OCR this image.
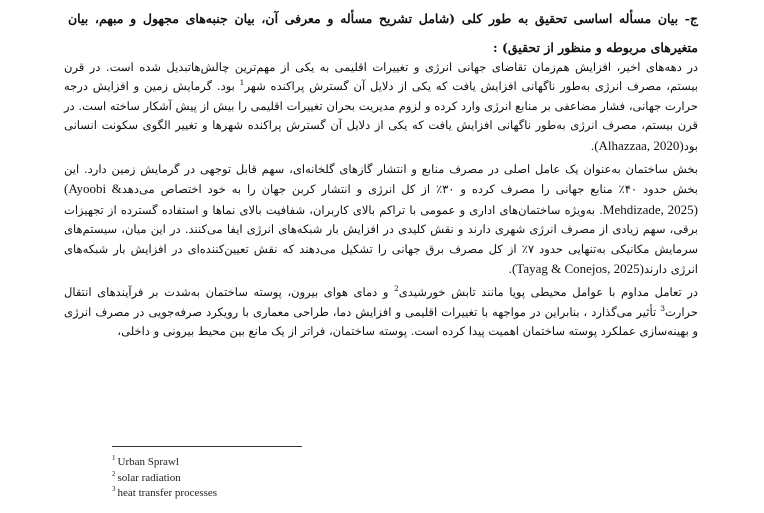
ج- بیان مسأله اساسی تحقیق به طور کلی (شامل تشریح مسأله و معرفی آن، بیان جنبه‌های مجهول و مبهم، بیان متغیرهای مربوطه و منظور از تحقیق) :

در دهه‌های اخیر، افزایش هم‌زمان تقاضای جهانی انرژی و تغییرات اقلیمی به یکی از مهم‌ترین چالش‌هاتبدیل شده است. در قرن بیستم، مصرف انرژی به‌طور ناگهانی افزایش یافت که یکی از دلایل آن گسترش پراکنده شهر$^1$ بود. گرمایش زمین و افزایش درجه حرارت جهانی، فشار مضاعفی بر منابع انرژی وارد کرده و لزوم مدیریت بحران تغییرات اقلیمی را بیش از پیش آشکار ساخته است. در قرن بیستم، مصرف انرژی به‌طور ناگهانی افزایش یافت که یکی از دلایل آن گسترش پراکنده شهرها و تغییر الگوی سکونت انسانی بود(Alhazzaa, 2020).

بخش ساختمان به‌عنوان یک عامل اصلی در مصرف منابع و انتشار گازهای گلخانه‌ای، سهم قابل توجهی در گرمایش زمین دارد. این بخش حدود ۴۰٪ منابع جهانی را مصرف کرده و ۳۰٪ از کل انرژی و انتشار کربن جهان را به خود اختصاص می‌دهد(Ayoobi & Mehdizade, 2025). به‌ویژه ساختمان‌های اداری و عمومی با تراکم بالای کاربران، شفافیت بالای نماها و استفاده گسترده از تجهیزات برقی، سهم زیادی از مصرف انرژی شهری دارند و نقش کلیدی در افزایش بار شبکه‌های انرژی ایفا می‌کنند. در این میان، سیستم‌های سرمایش مکانیکی به‌تنهایی حدود ۷٪ از کل مصرف برق جهانی را تشکیل می‌دهند که نقش تعیین‌کننده‌ای در افزایش بار شبکه‌های انرژی دارند(Tayag & Conejos, 2025).

در تعامل مداوم با عوامل محیطی پویا مانند تابش خورشیدی$^2$ و دمای هوای بیرون، پوسته ساختمان به‌شدت بر فرآیندهای انتقال حرارت$^3$ تأثیر می‌گذارد ، بنابراین در مواجهه با تغییرات اقلیمی و افزایش دما، طراحی معماری با رویکرد صرفه‌جویی در مصرف انرژی و بهینه‌سازی عملکرد پوسته ساختمان اهمیت پیدا کرده است. پوسته ساختمان، فراتر از یک مانع بین محیط بیرونی و داخلی،

$^1$ Urban Sprawl
$^2$ solar radiation
$^3$ heat transfer processes
